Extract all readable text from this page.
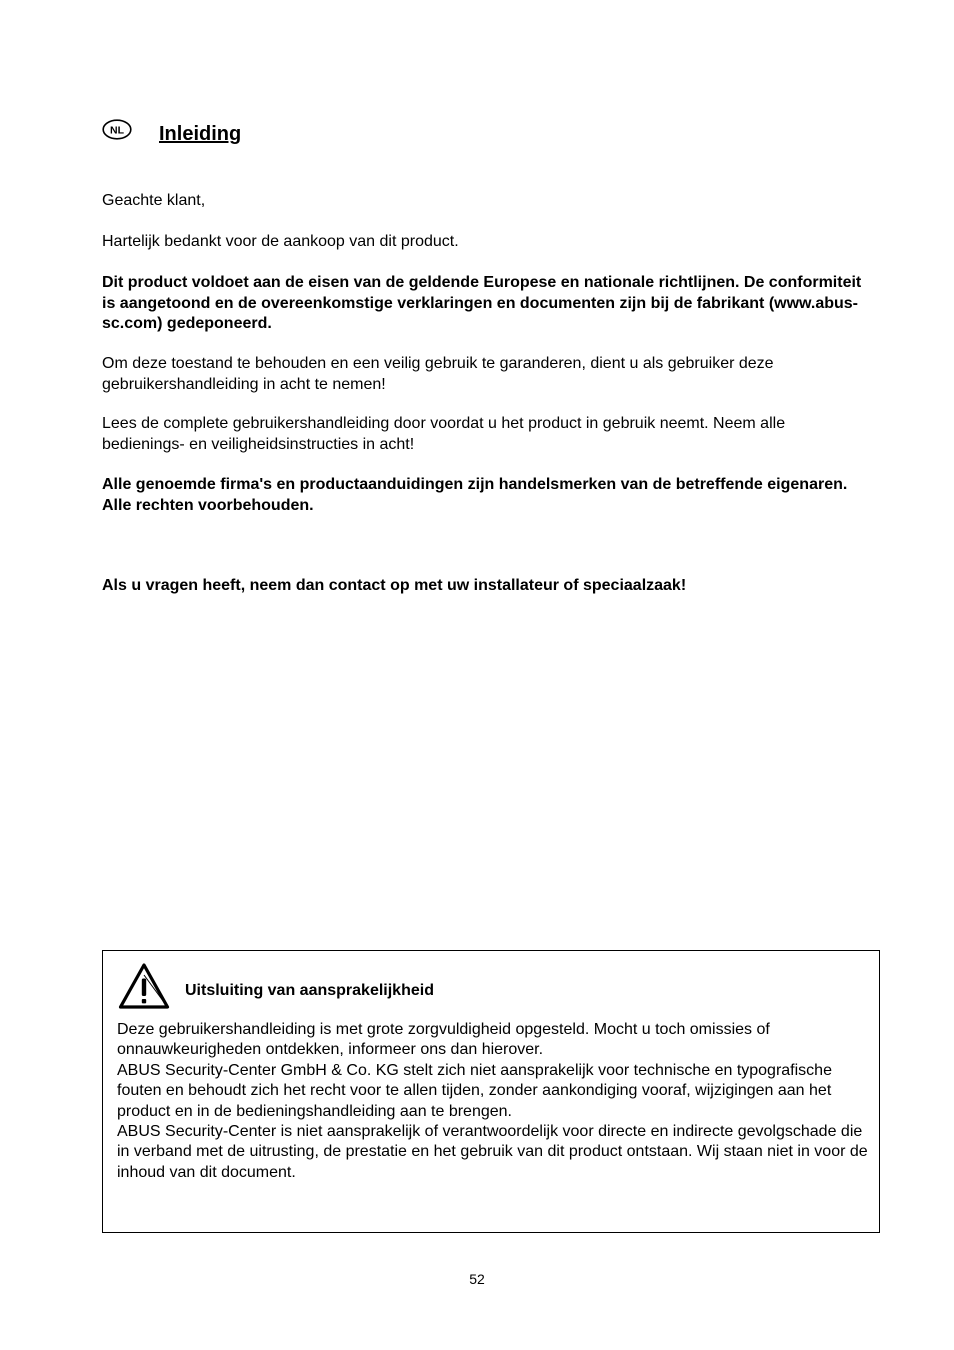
NL Inleiding

Geachte klant,

Hartelijk bedankt voor de aankoop van dit product.

Dit product voldoet aan de eisen van de geldende Europese en nationale richtlijnen. De conformiteit is aangetoond en de overeenkomstige verklaringen en documenten zijn bij de fabrikant (www.abus-sc.com) gedeponeerd.

Om deze toestand te behouden en een veilig gebruik te garanderen, dient u als gebruiker deze gebruikershandleiding in acht te nemen!

Lees de complete gebruikershandleiding door voordat u het product in gebruik neemt. Neem alle bedienings- en veiligheidsinstructies in acht!

Alle genoemde firma's en productaanduidingen zijn handelsmerken van de betreffende eigenaren. Alle rechten voorbehouden.

Als u vragen heeft, neem dan contact op met uw installateur of speciaalzaak!

Uitsluiting van aansprakelijkheid

Deze gebruikershandleiding is met grote zorgvuldigheid opgesteld. Mocht u toch omissies of onnauwkeurigheden ontdekken, informeer ons dan hierover.
ABUS Security-Center GmbH & Co. KG stelt zich niet aansprakelijk voor technische en typografische fouten en behoudt zich het recht voor te allen tijden, zonder aankondiging vooraf, wijzigingen aan het product en in de bedieningshandleiding aan te brengen.
ABUS Security-Center is niet aansprakelijk of verantwoordelijk voor directe en indirecte gevolgschade die in verband met de uitrusting, de prestatie en het gebruik van dit product ontstaan. Wij staan niet in voor de inhoud van dit document.

52
